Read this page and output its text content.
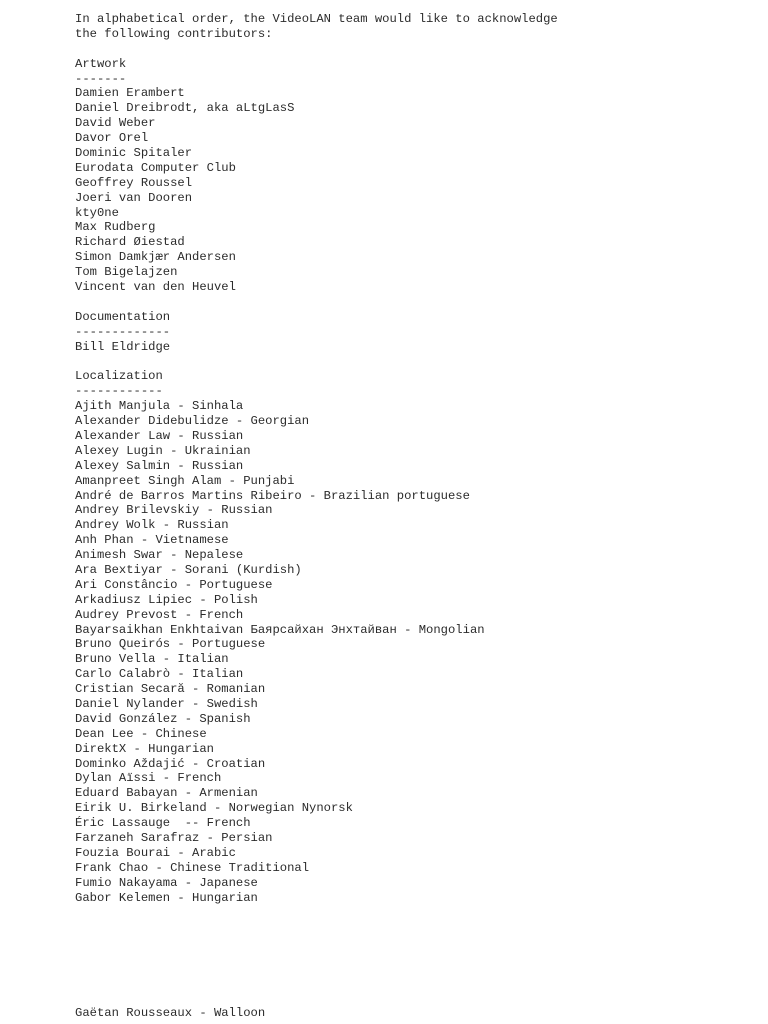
In alphabetical order, the VideoLAN team would like to acknowledge
the following contributors:
Artwork
-------
Damien Erambert
Daniel Dreibrodt, aka aLtgLasS
David Weber
Davor Orel
Dominic Spitaler
Eurodata Computer Club
Geoffrey Roussel
Joeri van Dooren
kty0ne
Max Rudberg
Richard Øiestad
Simon Damkjær Andersen
Tom Bigelajzen
Vincent van den Heuvel
Documentation
-------------
Bill Eldridge
Localization
------------
Ajith Manjula - Sinhala
Alexander Didebulidze - Georgian
Alexander Law - Russian
Alexey Lugin - Ukrainian
Alexey Salmin - Russian
Amanpreet Singh Alam - Punjabi
André de Barros Martins Ribeiro - Brazilian portuguese
Andrey Brilevskiy - Russian
Andrey Wolk - Russian
Anh Phan - Vietnamese
Animesh Swar - Nepalese
Ara Bextiyar - Sorani (Kurdish)
Ari Constâncio - Portuguese
Arkadiusz Lipiec - Polish
Audrey Prevost - French
Bayarsaikhan Enkhtaivan Баярсайхан Энхтайван - Mongolian
Bruno Queirós - Portuguese
Bruno Vella - Italian
Carlo Calabrò - Italian
Cristian Secară - Romanian
Daniel Nylander - Swedish
David González - Spanish
Dean Lee - Chinese
DirektX - Hungarian
Dominko Aždajić - Croatian
Dylan Aïssi - French
Eduard Babayan - Armenian
Eirik U. Birkeland - Norwegian Nynorsk
Éric Lassauge  -- French
Farzaneh Sarafraz - Persian
Fouzia Bourai - Arabic
Frank Chao - Chinese Traditional
Fumio Nakayama - Japanese
Gabor Kelemen - Hungarian
Gaëtan Rousseaux - Walloon
